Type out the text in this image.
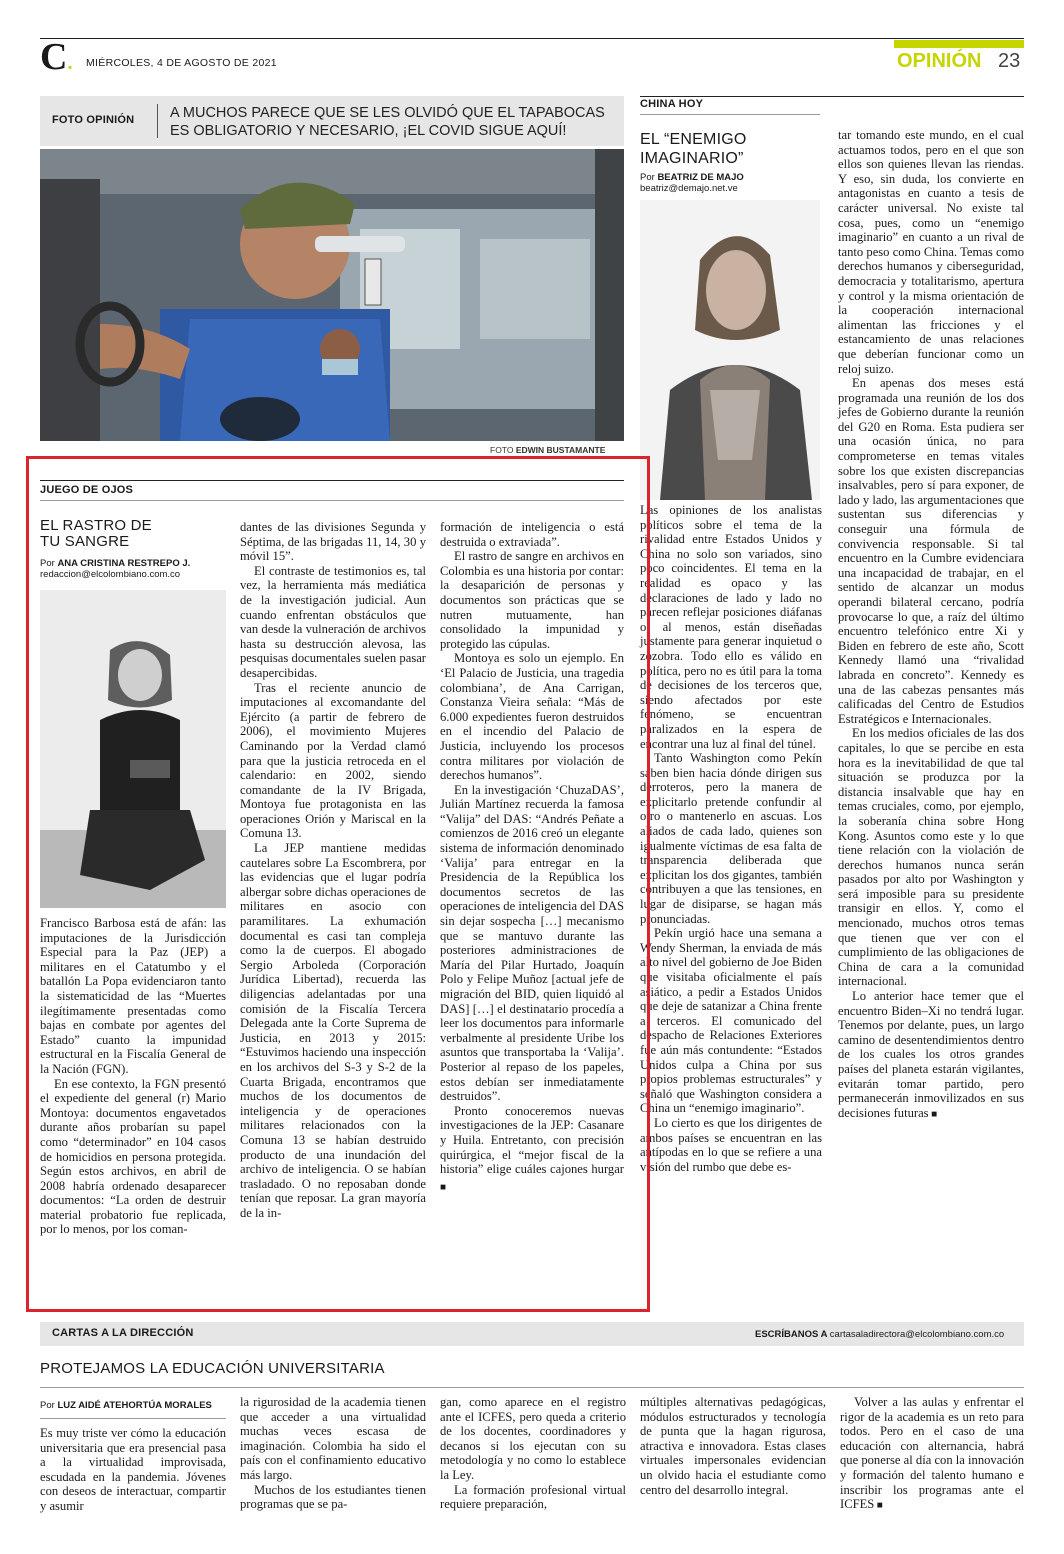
C. MIÉRCOLES, 4 DE AGOSTO DE 2021	OPINIÓN 23
FOTO OPINIÓN A MUCHOS PARECE QUE SE LES OLVIDÓ QUE EL TAPABOCAS ES OBLIGATORIO Y NECESARIO, ¡EL COVID SIGUE AQUÍ!
FOTO EDWIN BUSTAMANTE
CHINA HOY
EL “ENEMIGO IMAGINARIO”
Por BEATRIZ DE MAJO
beatriz@demajo.net.ve

Las opiniones de los analistas políticos sobre el tema de la rivalidad entre Estados Unidos y China no solo son variados, sino poco coincidentes. El tema en la realidad es opaco y las declaraciones de lado y lado no parecen reflejar posiciones diáfanas o, al menos, están diseñadas justamente para generar inquietud o zozobra. Todo ello es válido en política, pero no es útil para la toma de decisiones de los terceros que, siendo afectados por este fenómeno, se encuentran paralizados en la espera de encontrar una luz al final del túnel.

Tanto Washington como Pekín saben bien hacia dónde dirigen sus derroteros, pero la manera de explicitarlo pretende confundir al otro o mantenerlo en ascuas. Los aliados de cada lado, quienes son igualmente víctimas de esa falta de transparencia deliberada que explicitan los dos gigantes, también contribuyen a que las tensiones, en lugar de disiparse, se hagan más pronunciadas.

Pekín urgió hace una semana a Wendy Sherman, la enviada de más alto nivel del gobierno de Joe Biden que visitaba oficialmente el país asiático, a pedir a Estados Unidos que deje de satanizar a China frente a terceros. El comunicado del despacho de Relaciones Exteriores fue aún más contundente: “Estados Unidos culpa a China por sus propios problemas estructurales” y señaló que Washington considera a China un “enemigo imaginario”.

Lo cierto es que los dirigentes de ambos países se encuentran en las antípodas en lo que se refiere a una visión del rumbo que debe es-

tar tomando este mundo, en el cual actuamos todos, pero en el que son ellos son quienes llevan las riendas. Y eso, sin duda, los convierte en antagonistas en cuanto a tesis de carácter universal. No existe tal cosa, pues, como un “enemigo imaginario” en cuanto a un rival de tanto peso como China. Temas como derechos humanos y ciberseguridad, democracia y totalitarismo, apertura y control y la misma orientación de la cooperación internacional alimentan las fricciones y el estancamiento de unas relaciones que deberían funcionar como un reloj suizo.

En apenas dos meses está programada una reunión de los dos jefes de Gobierno durante la reunión del G20 en Roma. Esta pudiera ser una ocasión única, no para comprometerse en temas vitales sobre los que existen discrepancias insalvables, pero sí para exponer, de lado y lado, las argumentaciones que sustentan sus diferencias y conseguir una fórmula de convivencia responsable. Si tal encuentro en la Cumbre evidenciara una incapacidad de trabajar, en el sentido de alcanzar un modus operandi bilateral cercano, podría provocarse lo que, a raíz del último encuentro telefónico entre Xi y Biden en febrero de este año, Scott Kennedy llamó una “rivalidad labrada en concreto”. Kennedy es una de las cabezas pensantes más calificadas del Centro de Estudios Estratégicos e Internacionales.

En los medios oficiales de las dos capitales, lo que se percibe en esta hora es la inevitabilidad de que tal situación se produzca por la distancia insalvable que hay en temas cruciales, como, por ejemplo, la soberanía china sobre Hong Kong. Asuntos como este y lo que tiene relación con la violación de derechos humanos nunca serán pasados por alto por Washington y será imposible para su presidente transigir en ellos. Y, como el mencionado, muchos otros temas que tienen que ver con el cumplimiento de las obligaciones de China de cara a la comunidad internacional.

Lo anterior hace temer que el encuentro Biden–Xi no tendrá lugar. Tenemos por delante, pues, un largo camino de desentendimientos dentro de los cuales los otros grandes países del planeta estarán vigilantes, evitarán tomar partido, pero permanecerán inmovilizados en sus decisiones futuras ■

JUEGO DE OJOS
EL RASTRO DE TU SANGRE
Por ANA CRISTINA RESTREPO J.
redaccion@elcolombiano.com.co

Francisco Barbosa está de afán: las imputaciones de la Jurisdicción Especial para la Paz (JEP) a militares en el Catatumbo y el batallón La Popa evidenciaron tanto la sistematicidad de las “Muertes ilegítimamente presentadas como bajas en combate por agentes del Estado” cuanto la impunidad estructural en la Fiscalía General de la Nación (FGN).

En ese contexto, la FGN presentó el expediente del general (r) Mario Montoya: documentos engavetados durante años probarían su papel como “determinador” en 104 casos de homicidios en persona protegida. Según estos archivos, en abril de 2008 habría ordenado desaparecer documentos: “La orden de destruir material probatorio fue replicada, por lo menos, por los coman-

dantes de las divisiones Segunda y Séptima, de las brigadas 11, 14, 30 y móvil 15”.

El contraste de testimonios es, tal vez, la herramienta más mediática de la investigación judicial. Aun cuando enfrentan obstáculos que van desde la vulneración de archivos hasta su destrucción alevosa, las pesquisas documentales suelen pasar desapercibidas.

Tras el reciente anuncio de imputaciones al excomandante del Ejército (a partir de febrero de 2006), el movimiento Mujeres Caminando por la Verdad clamó para que la justicia retroceda en el calendario: en 2002, siendo comandante de la IV Brigada, Montoya fue protagonista en las operaciones Orión y Mariscal en la Comuna 13.

La JEP mantiene medidas cautelares sobre La Escombrera, por las evidencias que el lugar podría albergar sobre dichas operaciones de militares en asocio con paramilitares. La exhumación documental es casi tan compleja como la de cuerpos. El abogado Sergio Arboleda (Corporación Jurídica Libertad), recuerda las diligencias adelantadas por una comisión de la Fiscalía Tercera Delegada ante la Corte Suprema de Justicia, en 2013 y 2015: “Estuvimos haciendo una inspección en los archivos del S-3 y S-2 de la Cuarta Brigada, encontramos que muchos de los documentos de inteligencia y de operaciones militares relacionados con la Comuna 13 se habían destruido producto de una inundación del archivo de inteligencia. O se habían trasladado. O no reposaban donde tenían que reposar. La gran mayoría de la in-

formación de inteligencia o está destruida o extraviada”.

El rastro de sangre en archivos en Colombia es una historia por contar: la desaparición de personas y documentos son prácticas que se nutren mutuamente, han consolidado la impunidad y protegido las cúpulas.

Montoya es solo un ejemplo. En ‘El Palacio de Justicia, una tragedia colombiana’, de Ana Carrigan, Constanza Vieira señala: “Más de 6.000 expedientes fueron destruidos en el incendio del Palacio de Justicia, incluyendo los procesos contra militares por violación de derechos humanos”.

En la investigación ‘ChuzaDAS’, Julián Martínez recuerda la famosa “Valija” del DAS: “Andrés Peñate a comienzos de 2016 creó un elegante sistema de información denominado ‘Valija’ para entregar en la Presidencia de la República los documentos secretos de las operaciones de inteligencia del DAS sin dejar sospecha […] mecanismo que se mantuvo durante las posteriores administraciones de María del Pilar Hurtado, Joaquín Polo y Felipe Muñoz [actual jefe de migración del BID, quien liquidó al DAS] […] el destinatario procedía a leer los documentos para informarle verbalmente al presidente Uribe los asuntos que transportaba la ‘Valija’. Posterior al repaso de los papeles, estos debían ser inmediatamente destruidos”.

Pronto conoceremos nuevas investigaciones de la JEP: Casanare y Huila. Entretanto, con precisión quirúrgica, el “mejor fiscal de la historia” elige cuáles cajones hurgar ■

CARTAS A LA DIRECCIÓN	ESCRÍBANOS A cartasaladirectora@elcolombiano.com.co
PROTEJAMOS LA EDUCACIÓN UNIVERSITARIA
Por LUZ AIDÉ ATEHORTÚA MORALES

Es muy triste ver cómo la educación universitaria que era presencial pasa a la virtualidad improvisada, escudada en la pandemia. Jóvenes con deseos de interactuar, compartir y asumir

la rigurosidad de la academia tienen que acceder a una virtualidad muchas veces escasa de imaginación. Colombia ha sido el país con el confinamiento educativo más largo.

Muchos de los estudiantes tienen programas que se pa-

gan, como aparece en el registro ante el ICFES, pero queda a criterio de los docentes, coordinadores y decanos si los ejecutan con su metodología y no como lo establece la Ley.

La formación profesional virtual requiere preparación,

múltiples alternativas pedagógicas, módulos estructurados y tecnología de punta que la hagan rigurosa, atractiva e innovadora. Estas clases virtuales impersonales evidencian un olvido hacia el estudiante como centro del desarrollo integral.

Volver a las aulas y enfrentar el rigor de la academia es un reto para todos. Pero en el caso de una educación con alternancia, habrá que ponerse al día con la innovación y formación del talento humano e inscribir los programas ante el ICFES ■
